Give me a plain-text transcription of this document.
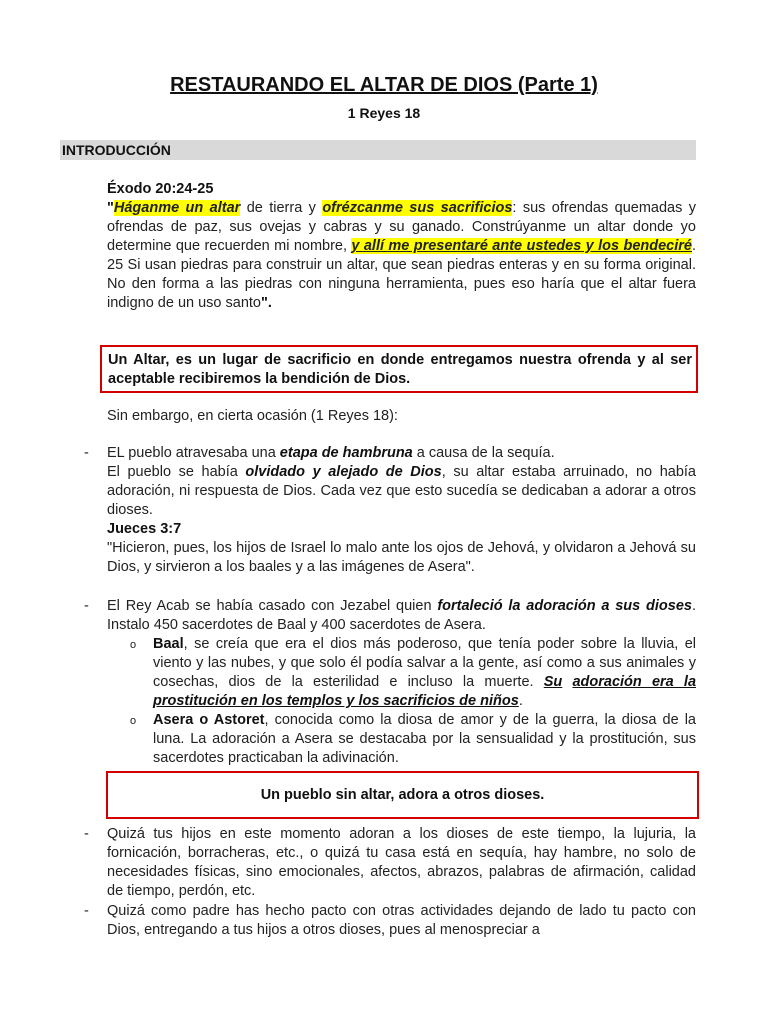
RESTAURANDO EL ALTAR DE DIOS (Parte 1)
1 Reyes 18
INTRODUCCIÓN
Éxodo 20:24-25
"Háganme un altar de tierra y ofrézcanme sus sacrificios: sus ofrendas quemadas y ofrendas de paz, sus ovejas y cabras y su ganado. Constrúyanme un altar donde yo determine que recuerden mi nombre, y allí me presentaré ante ustedes y los bendeciré. 25 Si usan piedras para construir un altar, que sean piedras enteras y en su forma original. No den forma a las piedras con ninguna herramienta, pues eso haría que el altar fuera indigno de un uso santo".
Un Altar, es un lugar de sacrificio en donde entregamos nuestra ofrenda y al ser aceptable recibiremos la bendición de Dios.
Sin embargo, en cierta ocasión (1 Reyes 18):
- EL pueblo atravesaba una etapa de hambruna a causa de la sequía.
El pueblo se había olvidado y alejado de Dios, su altar estaba arruinado, no había adoración, ni respuesta de Dios. Cada vez que esto sucedía se dedicaban a adorar a otros dioses.
Jueces 3:7
"Hicieron, pues, los hijos de Israel lo malo ante los ojos de Jehová, y olvidaron a Jehová su Dios, y sirvieron a los baales y a las imágenes de Asera".
- El Rey Acab se había casado con Jezabel quien fortaleció la adoración a sus dioses. Instalo 450 sacerdotes de Baal y 400 sacerdotes de Asera.
o Baal, se creía que era el dios más poderoso, que tenía poder sobre la lluvia, el viento y las nubes, y que solo él podía salvar a la gente, así como a sus animales y cosechas, dios de la esterilidad e incluso la muerte. Su adoración era la prostitución en los templos y los sacrificios de niños.
o Asera o Astoret, conocida como la diosa de amor y de la guerra, la diosa de la luna. La adoración a Asera se destacaba por la sensualidad y la prostitución, sus sacerdotes practicaban la adivinación.
Un pueblo sin altar, adora a otros dioses.
- Quizá tus hijos en este momento adoran a los dioses de este tiempo, la lujuria, la fornicación, borracheras, etc., o quizá tu casa está en sequía, hay hambre, no solo de necesidades físicas, sino emocionales, afectos, abrazos, palabras de afirmación, calidad de tiempo, perdón, etc.
- Quizá como padre has hecho pacto con otras actividades dejando de lado tu pacto con Dios, entregando a tus hijos a otros dioses, pues al menospreciar a
